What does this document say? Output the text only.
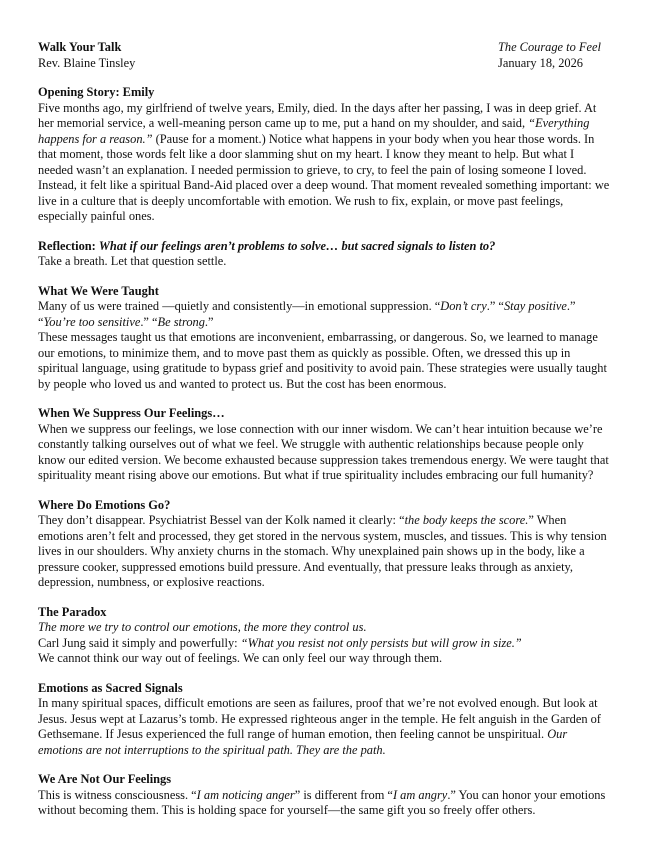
Walk Your Talk
Rev. Blaine Tinsley
The Courage to Feel
January 18, 2026
Opening Story: Emily

Five months ago, my girlfriend of twelve years, Emily, died. In the days after her passing, I was in deep grief. At her memorial service, a well-meaning person came up to me, put a hand on my shoulder, and said, “Everything happens for a reason.” (Pause for a moment.) Notice what happens in your body when you hear those words. In that moment, those words felt like a door slamming shut on my heart. I know they meant to help. But what I needed wasn’t an explanation. I needed permission to grieve, to cry, to feel the pain of losing someone I loved. Instead, it felt like a spiritual Band-Aid placed over a deep wound. That moment revealed something important: we live in a culture that is deeply uncomfortable with emotion. We rush to fix, explain, or move past feelings, especially painful ones.

Reflection: What if our feelings aren’t problems to solve… but sacred signals to listen to?

Take a breath. Let that question settle.

What We Were Taught

Many of us were trained —quietly and consistently—in emotional suppression. “Don’t cry.” “Stay positive.” “You’re too sensitive.” “Be strong.”

These messages taught us that emotions are inconvenient, embarrassing, or dangerous. So, we learned to manage our emotions, to minimize them, and to move past them as quickly as possible. Often, we dressed this up in spiritual language, using gratitude to bypass grief and positivity to avoid pain. These strategies were usually taught by people who loved us and wanted to protect us. But the cost has been enormous.

When We Suppress Our Feelings…

When we suppress our feelings, we lose connection with our inner wisdom. We can’t hear intuition because we’re constantly talking ourselves out of what we feel. We struggle with authentic relationships because people only know our edited version. We become exhausted because suppression takes tremendous energy. We were taught that spirituality meant rising above our emotions. But what if true spirituality includes embracing our full humanity?

Where Do Emotions Go?

They don’t disappear. Psychiatrist Bessel van der Kolk named it clearly: “the body keeps the score.” When emotions aren’t felt and processed, they get stored in the nervous system, muscles, and tissues. This is why tension lives in our shoulders. Why anxiety churns in the stomach. Why unexplained pain shows up in the body, like a pressure cooker, suppressed emotions build pressure. And eventually, that pressure leaks through as anxiety, depression, numbness, or explosive reactions.

The Paradox

The more we try to control our emotions, the more they control us.

Carl Jung said it simply and powerfully: “What you resist not only persists but will grow in size.”

We cannot think our way out of feelings. We can only feel our way through them.

Emotions as Sacred Signals

In many spiritual spaces, difficult emotions are seen as failures, proof that we’re not evolved enough. But look at Jesus. Jesus wept at Lazarus’s tomb. He expressed righteous anger in the temple. He felt anguish in the Garden of Gethsemane. If Jesus experienced the full range of human emotion, then feeling cannot be unspiritual. Our emotions are not interruptions to the spiritual path. They are the path.

We Are Not Our Feelings

This is witness consciousness. “I am noticing anger” is different from “I am angry.” You can honor your emotions without becoming them. This is holding space for yourself—the same gift you so freely offer others.
